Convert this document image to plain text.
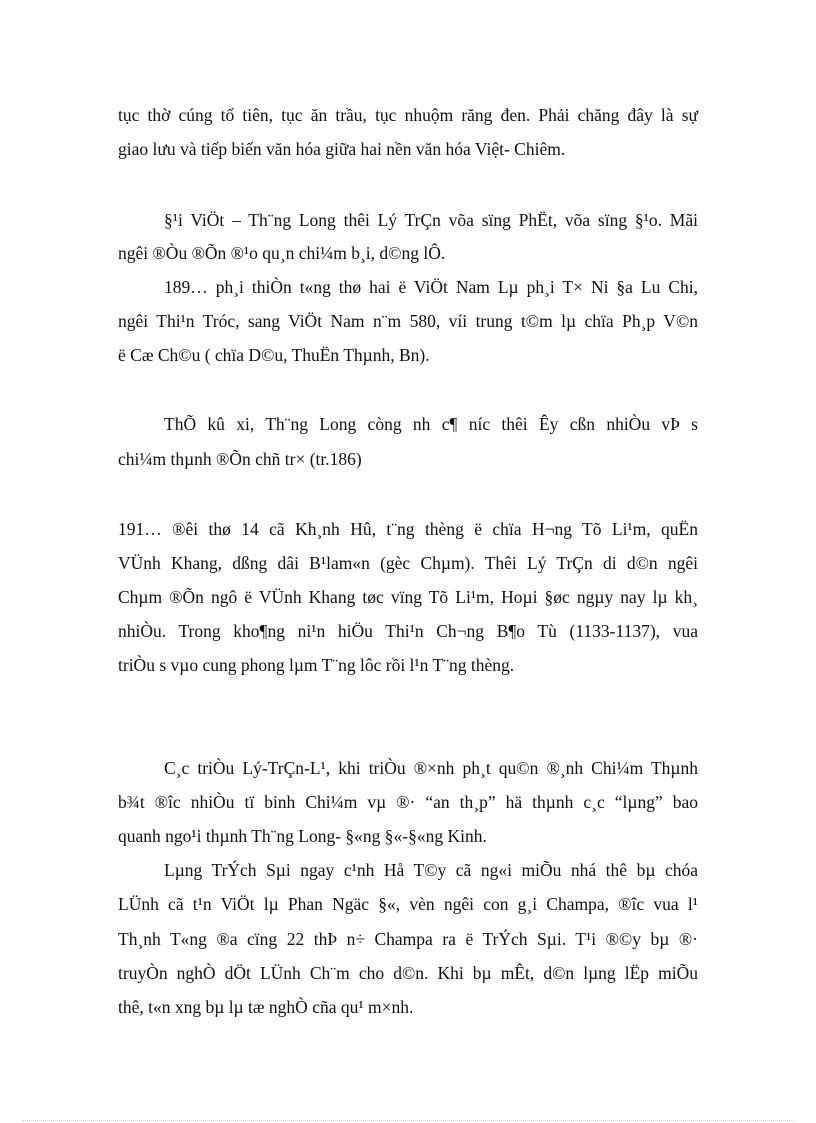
tục thờ cúng tổ tiên, tục ăn trầu, tục nhuộm răng đen. Phải chăng đây là sự
giao lưu và tiếp biến văn hóa giữa hai nền văn hóa Việt- Chiêm.
§¹i ViÖt – Th¨ng Long thêi Lý TrÇn võa sïng PhËt, võa sïng §¹o. Mãi
ngêi ®Òu ®Õn ®¹o qu¸n chi¼m b¸i, d©ng lÔ.
189… ph¸i thiÒn t«ng thø hai ë ViÖt Nam Lµ ph¸i T× Ni §a Lu Chi,
ngêi Thi¹n Tróc, sang ViÖt Nam n¨m 580, víi trung t©m lµ chïa Ph¸p V©n
ë Cæ Ch©u ( chïa D©u, ThuËn Thµnh, Bn).
ThÕ kû xi, Th¨ng Long còng nh c¶ níc thêi Êy cßn nhiÒu vÞ s
chi¼m thµnh ®Õn chñ tr× (tr.186)
191… ®êi thø 14 cã Kh¸nh Hû, t¨ng thèng ë chïa H¬ng Tõ Li¹m, quËn
VÜnh Khang, dßng dâi B¹lam«n (gèc Chµm). Thêi Lý TrÇn di d©n ngêi
Chµm ®Õn ngô ë VÜnh Khang tøc vïng Tõ Li¹m, Hoµi §øc ngµy nay lµ kh¸
nhiÒu. Trong kho¶ng ni¹n hiÖu Thi¹n Ch¬ng B¶o Tù (1133-1137), vua
triÒu s vµo cung phong lµm T¨ng lôc rồi l¹n T¨ng thèng.
C¸c triÒu Lý-TrÇn-L¹, khi triÒu ®×nh ph¸t qu©n ®¸nh Chi¼m Thµnh
b¾t ®îc nhiÒu tï binh Chi¼m vµ ®· “an th¸p” hä thµnh c¸c “lµng” bao
quanh ngo¹i thµnh Th¨ng Long- §«ng §«-§«ng Kinh.
Lµng TrÝch Sµi ngay c¹nh Hå T©y cã ng«i miÕu nhá thê bµ chóa
LÜnh cã t¹n ViÖt lµ Phan Ngäc §«, vèn ngêi con g¸i Champa, ®îc vua l¹
Th¸nh T«ng ®a cïng 22 thÞ n÷ Champa ra ë TrÝch Sµi. T¹i ®©y bµ ®·
truyÒn nghÒ dÖt LÜnh Ch¨m cho d©n. Khi bµ mÊt, d©n lµng lËp miÕu
thê, t«n xng bµ lµ tæ nghÒ cña qu¹ m×nh.
